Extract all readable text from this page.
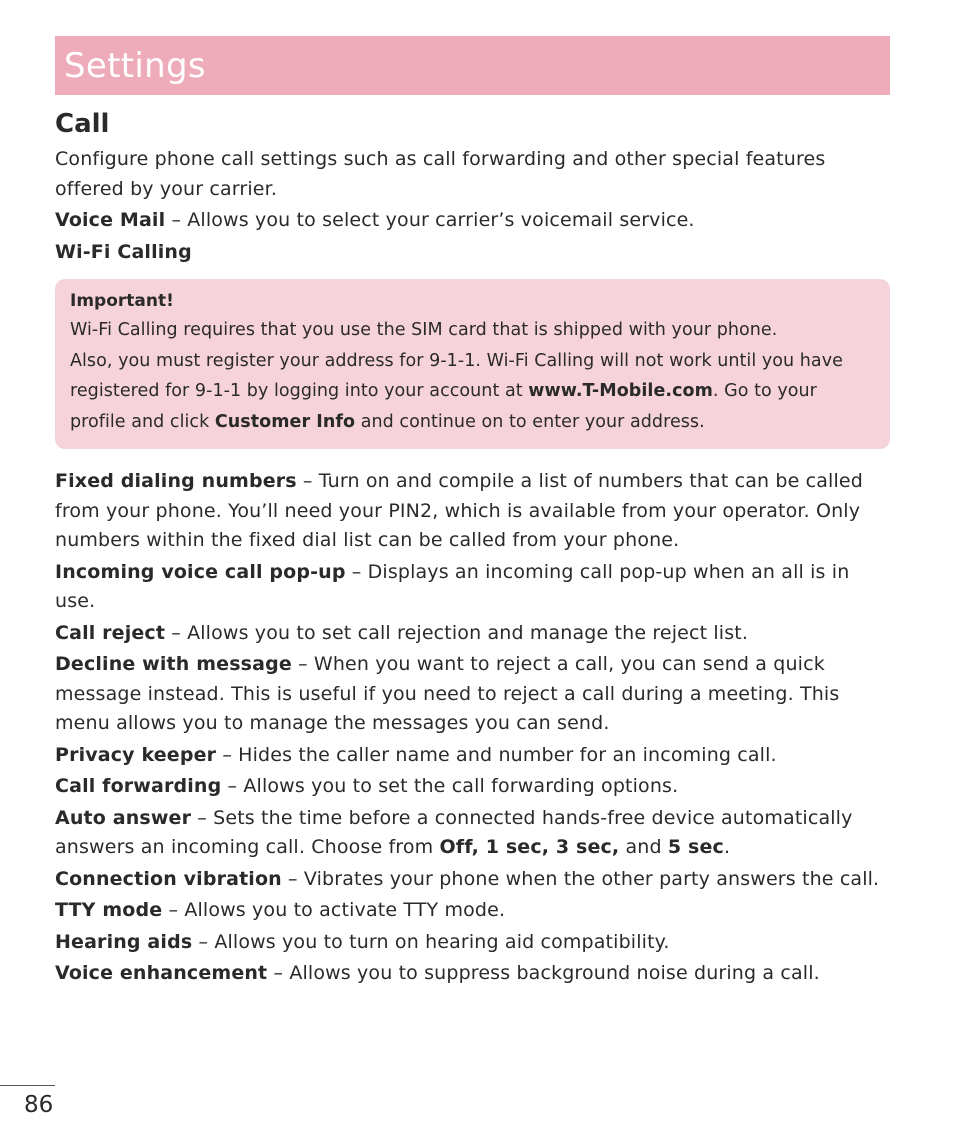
Settings
Call

Configure phone call settings such as call forwarding and other special features offered by your carrier.

Voice Mail – Allows you to select your carrier’s voicemail service.

Wi-Fi Calling

Important!
Wi-Fi Calling requires that you use the SIM card that is shipped with your phone.
Also, you must register your address for 9-1-1. Wi-Fi Calling will not work until you have registered for 9-1-1 by logging into your account at www.T-Mobile.com. Go to your profile and click Customer Info and continue on to enter your address.

Fixed dialing numbers – Turn on and compile a list of numbers that can be called from your phone. You’ll need your PIN2, which is available from your operator. Only numbers within the fixed dial list can be called from your phone.

Incoming voice call pop-up – Displays an incoming call pop-up when an all is in use.

Call reject – Allows you to set call rejection and manage the reject list.

Decline with message – When you want to reject a call, you can send a quick message instead. This is useful if you need to reject a call during a meeting. This menu allows you to manage the messages you can send.

Privacy keeper – Hides the caller name and number for an incoming call.

Call forwarding – Allows you to set the call forwarding options.

Auto answer – Sets the time before a connected hands-free device automatically answers an incoming call. Choose from Off, 1 sec, 3 sec, and 5 sec.

Connection vibration – Vibrates your phone when the other party answers the call.

TTY mode – Allows you to activate TTY mode.

Hearing aids – Allows you to turn on hearing aid compatibility.

Voice enhancement – Allows you to suppress background noise during a call.

86
